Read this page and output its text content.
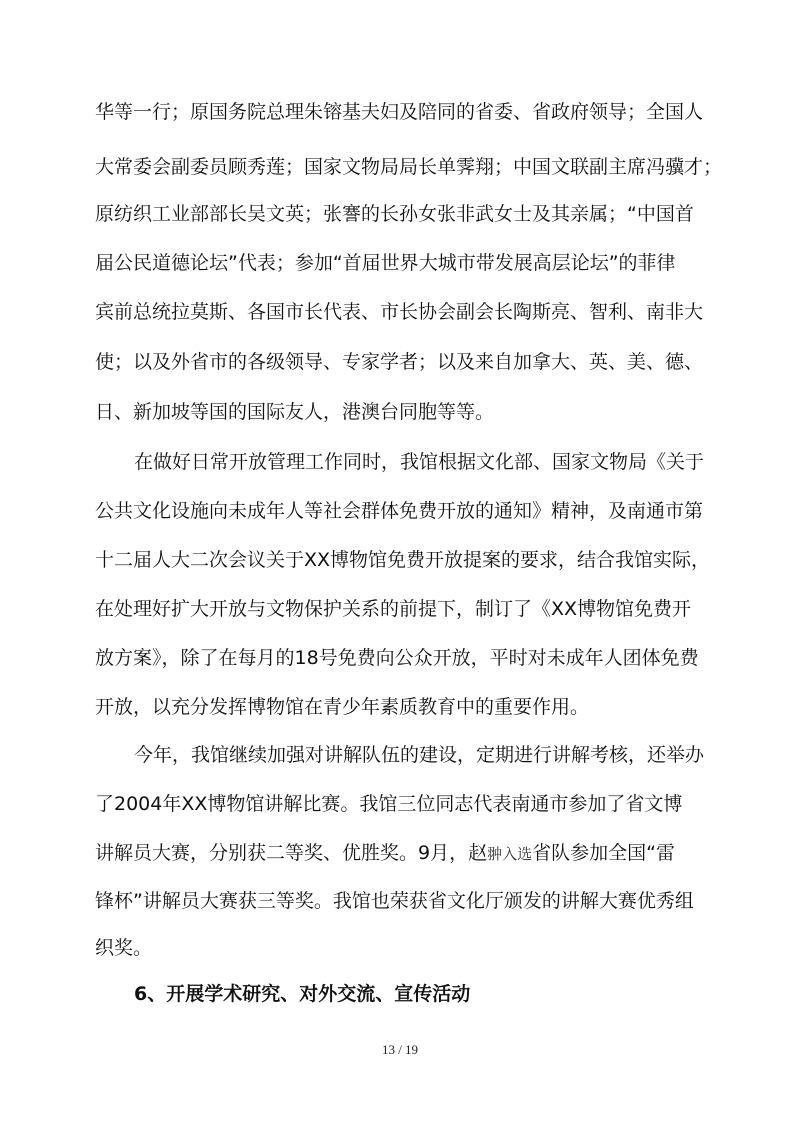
华等一行；原国务院总理朱镕基夫妇及陪同的省委、省政府领导；全国人
大常委会副委员顾秀莲；国家文物局局长单霁翔；中国文联副主席冯骥才；
原纺织工业部部长吴文英；张謇的长孙女张非武女士及其亲属；“中国首
届公民道德论坛”代表；参加“首届世界大城市带发展高层论坛”的菲律
宾前总统拉莫斯、各国市长代表、市长协会副会长陶斯亮、智利、南非大
使；以及外省市的各级领导、专家学者；以及来自加拿大、英、美、德、
日、新加坡等国的国际友人，港澳台同胞等等。
在做好日常开放管理工作同时，我馆根据文化部、国家文物局《关于
公共文化设施向未成年人等社会群体免费开放的通知》精神，及南通市第
十二届人大二次会议关于XX博物馆免费开放提案的要求，结合我馆实际，
在处理好扩大开放与文物保护关系的前提下，制订了《XX博物馆免费开
放方案》，除了在每月的18号免费向公众开放，平时对未成年人团体免费
开放，以充分发挥博物馆在青少年素质教育中的重要作用。
今年，我馆继续加强对讲解队伍的建设，定期进行讲解考核，还举办
了2004年XX博物馆讲解比赛。我馆三位同志代表南通市参加了省文博
讲解员大赛，分别获二等奖、优胜奖。9月，赵翀入选省队参加全国“雷
锋杯”讲解员大赛获三等奖。我馆也荣获省文化厅颁发的讲解大赛优秀组
织奖。
6、开展学术研究、对外交流、宣传活动
13 / 19
